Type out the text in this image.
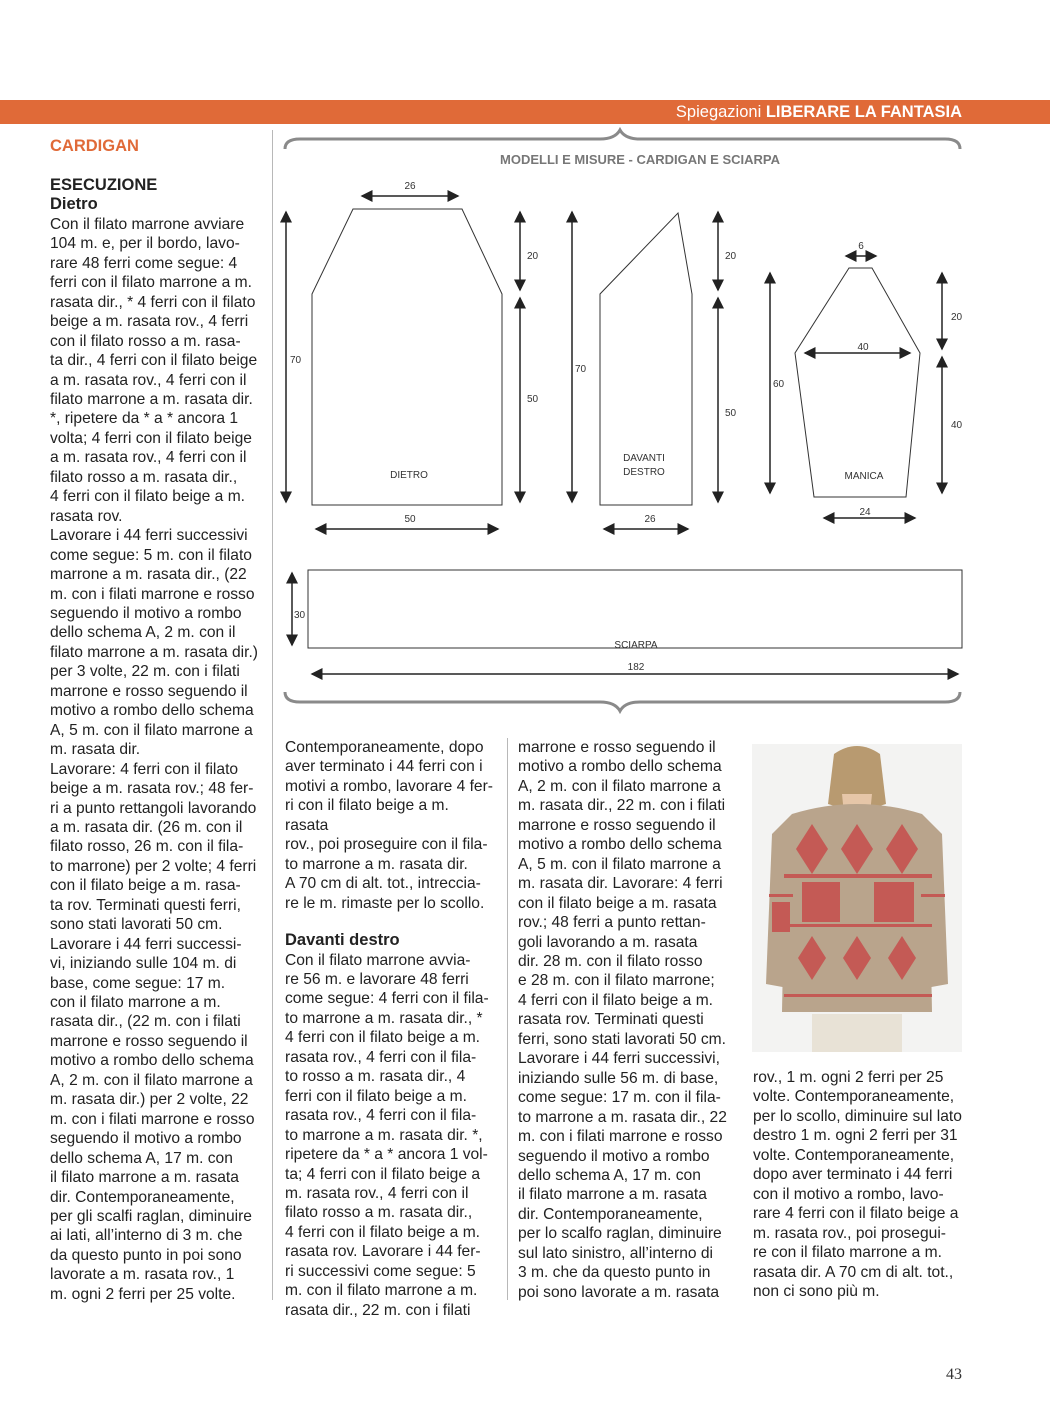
Spiegazioni LIBERARE LA FANTASIA
CARDIGAN

ESECUZIONE

Dietro

Con il filato marrone avviare

104 m. e, per il bordo, lavo-

rare 48 ferri come segue: 4

ferri con il filato marrone a m.

rasata dir., * 4 ferri con il filato

beige a m. rasata rov., 4 ferri

con il filato rosso a m. rasa-

ta dir., 4 ferri con il filato beige

a m. rasata rov., 4 ferri con il

filato marrone a m. rasata dir.

*, ripetere da * a * ancora 1

volta; 4 ferri con il filato beige

a m. rasata rov., 4 ferri con il

filato rosso a m. rasata dir.,

4 ferri con il filato beige a m.

rasata rov.

Lavorare i 44 ferri successivi

come segue: 5 m. con il filato

marrone a m. rasata dir., (22

m. con i filati marrone e rosso

seguendo il motivo a rombo

dello schema A, 2 m. con il

filato marrone a m. rasata dir.)

per 3 volte, 22 m. con i filati

marrone e rosso seguendo il

motivo a rombo dello schema

A, 5 m. con il filato marrone a

m. rasata dir.

Lavorare: 4 ferri con il filato

beige a m. rasata rov.; 48 fer-

ri a punto rettangoli lavorando

a m. rasata dir. (26 m. con il

filato rosso, 26 m. con il fila-

to marrone) per 2 volte; 4 ferri

con il filato beige a m. rasa-

ta rov. Terminati questi ferri,

sono stati lavorati 50 cm.

Lavorare i 44 ferri successi-

vi, iniziando sulle 104 m. di

base, come segue: 17 m.

con il filato marrone a m.

rasata dir., (22 m. con i filati

marrone e rosso seguendo il

motivo a rombo dello schema

A, 2 m. con il filato marrone a

m. rasata dir.) per 2 volte, 22

m. con i filati marrone e rosso

seguendo il motivo a rombo

dello schema A, 17 m. con

il filato marrone a m. rasata

dir. Contemporaneamente,

per gli scalfi raglan, diminuire

ai lati, all’interno di 3 m. che

da questo punto in poi sono

lavorate a m. rasata rov., 1

m. ogni 2 ferri per 25 volte.

MODELLI E MISURE - CARDIGAN E SCIARPA
26
70
20
50
DIETRO
50
70
20
50
DAVANTI
DESTRO
26
6
40
60
20
40
MANICA
24
30
SCIARPA
182

Contemporaneamente, dopo

aver terminato i 44 ferri con i

motivi a rombo, lavorare 4 fer-

ri con il filato beige a m. rasata

rov., poi proseguire con il fila-

to marrone a m. rasata dir.

A 70 cm di alt. tot., intreccia-

re le m. rimaste per lo scollo.

Davanti destro

Con il filato marrone avvia-

re 56 m. e lavorare 48 ferri

come segue: 4 ferri con il fila-

to marrone a m. rasata dir., *

4 ferri con il filato beige a m.

rasata rov., 4 ferri con il fila-

to rosso a m. rasata dir., 4

ferri con il filato beige a m.

rasata rov., 4 ferri con il fila-

to marrone a m. rasata dir. *,

ripetere da * a * ancora 1 vol-

ta; 4 ferri con il filato beige a

m. rasata rov., 4 ferri con il

filato rosso a m. rasata dir.,

4 ferri con il filato beige a m.

rasata rov. Lavorare i 44 fer-

ri successivi come segue: 5

m. con il filato marrone a m.

rasata dir., 22 m. con i filati

marrone e rosso seguendo il

motivo a rombo dello schema

A, 2 m. con il filato marrone a

m. rasata dir., 22 m. con i filati

marrone e rosso seguendo il

motivo a rombo dello schema

A, 5 m. con il filato marrone a

m. rasata dir. Lavorare: 4 ferri

con il filato beige a m. rasata

rov.; 48 ferri a punto rettan-

goli lavorando a m. rasata

dir. 28 m. con il filato rosso

e 28 m. con il filato marrone;

4 ferri con il filato beige a m.

rasata rov. Terminati questi

ferri, sono stati lavorati 50 cm.

Lavorare i 44 ferri successivi,

iniziando sulle 56 m. di base,

come segue: 17 m. con il fila-

to marrone a m. rasata dir., 22

m. con i filati marrone e rosso

seguendo il motivo a rombo

dello schema A, 17 m. con

il filato marrone a m. rasata

dir. Contemporaneamente,

per lo scalfo raglan, diminuire

sul lato sinistro, all’interno di

3 m. che da questo punto in

poi sono lavorate a m. rasata

rov., 1 m. ogni 2 ferri per 25

volte. Contemporaneamente,

per lo scollo, diminuire sul lato

destro 1 m. ogni 2 ferri per 31

volte. Contemporaneamente,

dopo aver terminato i 44 ferri

con il motivo a rombo, lavo-

rare 4 ferri con il filato beige a

m. rasata rov., poi prosegui-

re con il filato marrone a m.

rasata dir. A 70 cm di alt. tot.,

non ci sono più m.

43
